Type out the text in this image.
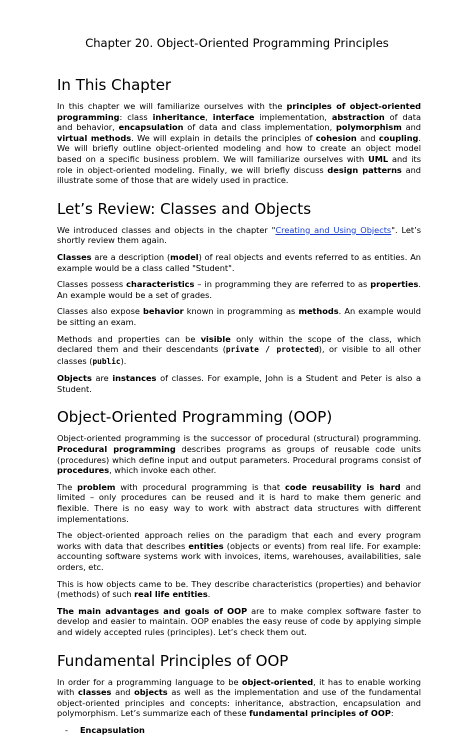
Chapter 20. Object-Oriented Programming Principles
In This Chapter

In this chapter we will familiarize ourselves with the principles of object-oriented programming: class inheritance, interface implementation, abstraction of data and behavior, encapsulation of data and class implementation, polymorphism and virtual methods. We will explain in details the principles of cohesion and coupling. We will briefly outline object-oriented modeling and how to create an object model based on a specific business problem. We will familiarize ourselves with UML and its role in object-oriented modeling. Finally, we will briefly discuss design patterns and illustrate some of those that are widely used in practice.

Let’s Review: Classes and Objects

We introduced classes and objects in the chapter "Creating and Using Objects". Let’s shortly review them again.

Classes are a description (model) of real objects and events referred to as entities. An example would be a class called "Student".

Classes possess characteristics – in programming they are referred to as properties. An example would be a set of grades.

Classes also expose behavior known in programming as methods. An example would be sitting an exam.

Methods and properties can be visible only within the scope of the class, which declared them and their descendants (private / protected), or visible to all other classes (public).

Objects are instances of classes. For example, John is a Student and Peter is also a Student.

Object-Oriented Programming (OOP)

Object-oriented programming is the successor of procedural (structural) programming. Procedural programming describes programs as groups of reusable code units (procedures) which define input and output parameters. Procedural programs consist of procedures, which invoke each other.

The problem with procedural programming is that code reusability is hard and limited – only procedures can be reused and it is hard to make them generic and flexible. There is no easy way to work with abstract data structures with different implementations.

The object-oriented approach relies on the paradigm that each and every program works with data that describes entities (objects or events) from real life. For example: accounting software systems work with invoices, items, warehouses, availabilities, sale orders, etc.

This is how objects came to be. They describe characteristics (properties) and behavior (methods) of such real life entities.

The main advantages and goals of OOP are to make complex software faster to develop and easier to maintain. OOP enables the easy reuse of code by applying simple and widely accepted rules (principles). Let’s check them out.

Fundamental Principles of OOP

In order for a programming language to be object-oriented, it has to enable working with classes and objects as well as the implementation and use of the fundamental object-oriented principles and concepts: inheritance, abstraction, encapsulation and polymorphism. Let’s summarize each of these fundamental principles of OOP:

- Encapsulation
